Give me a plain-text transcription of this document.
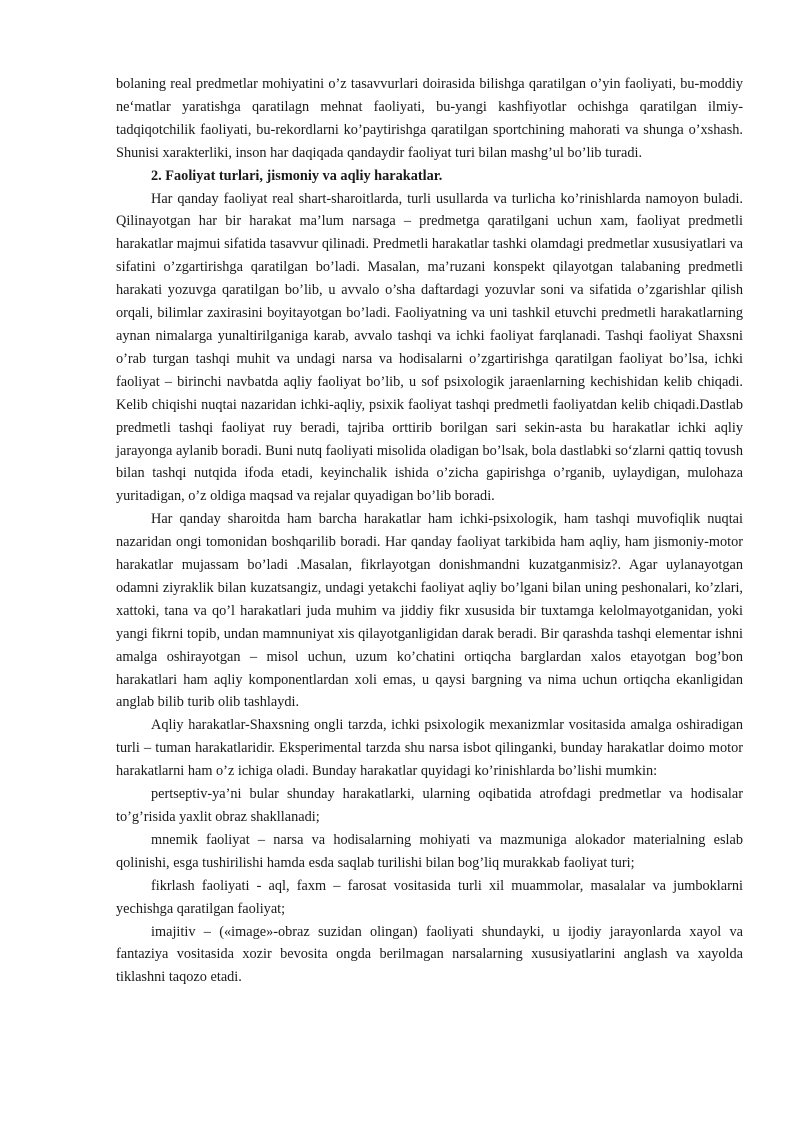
bolaning real predmetlar mohiyatini o’z tasavvurlari doirasida bilishga qaratilgan o’yin faoliyati, bu-moddiy ne‘matlar yaratishga qaratilagn mehnat faoliyati, bu-yangi kashfiyotlar ochishga qaratilgan ilmiy-tadqiqotchilik faoliyati, bu-rekordlarni ko’paytirishga qaratilgan sportchining mahorati va shunga o’xshash. Shunisi xarakterliki, inson har daqiqada qandaydir faoliyat turi bilan mashg’ul bo’lib turadi.

2. Faoliyat turlari, jismoniy va aqliy harakatlar.

Har qanday faoliyat real shart-sharoitlarda, turli usullarda va turlicha ko’rinishlarda namoyon buladi. Qilinayotgan har bir harakat ma’lum narsaga – predmetga qaratilgani uchun xam, faoliyat predmetli harakatlar majmui sifatida tasavvur qilinadi. Predmetli harakatlar tashki olamdagi predmetlar xususiyatlari va sifatini o’zgartirishga qaratilgan bo’ladi. Masalan, ma’ruzani konspekt qilayotgan talabaning predmetli harakati yozuvga qaratilgan bo’lib, u avvalo o’sha daftardagi yozuvlar soni va sifatida o’zgarishlar qilish orqali, bilimlar zaxirasini boyitayotgan bo’ladi. Faoliyatning va uni tashkil etuvchi predmetli harakatlarning aynan nimalarga yunaltirilganiga karab, avvalo tashqi va ichki faoliyat farqlanadi. Tashqi faoliyat Shaxsni o’rab turgan tashqi muhit va undagi narsa va hodisalarni o’zgartirishga qaratilgan faoliyat bo’lsa, ichki faoliyat – birinchi navbatda aqliy faoliyat bo’lib, u sof psixologik jaraenlarning kechishidan kelib chiqadi. Kelib chiqishi nuqtai nazaridan ichki-aqliy, psixik faoliyat tashqi predmetli faoliyatdan kelib chiqadi.Dastlab predmetli tashqi faoliyat ruy beradi, tajriba orttirib borilgan sari sekin-asta bu harakatlar ichki aqliy jarayonga aylanib boradi. Buni nutq faoliyati misolida oladigan bo’lsak, bola dastlabki so‘zlarni qattiq tovush bilan tashqi nutqida ifoda etadi, keyinchalik ishida o’zicha gapirishga o’rganib, uylaydigan, mulohaza yuritadigan, o’z oldiga maqsad va rejalar quyadigan bo’lib boradi.

Har qanday sharoitda ham barcha harakatlar ham ichki-psixologik, ham tashqi muvofiqlik nuqtai nazaridan ongi tomonidan boshqarilib boradi. Har qanday faoliyat tarkibida ham aqliy, ham jismoniy-motor harakatlar mujassam bo’ladi .Masalan, fikrlayotgan donishmandni kuzatganmisiz?. Agar uylanayotgan odamni ziyraklik bilan kuzatsangiz, undagi yetakchi faoliyat aqliy bo’lgani bilan uning peshonalari, ko’zlari, xattoki, tana va qo’l harakatlari juda muhim va jiddiy fikr xususida bir tuxtamga kelolmayotganidan, yoki yangi fikrni topib, undan mamnuniyat xis qilayotganligidan darak beradi. Bir qarashda tashqi elementar ishni amalga oshirayotgan – misol uchun, uzum ko’chatini ortiqcha barglardan xalos etayotgan bog’bon harakatlari ham aqliy komponentlardan xoli emas, u qaysi bargning va nima uchun ortiqcha ekanligidan anglab bilib turib olib tashlaydi.

Aqliy harakatlar-Shaxsning ongli tarzda, ichki psixologik mexanizmlar vositasida amalga oshiradigan turli – tuman harakatlaridir. Eksperimental tarzda shu narsa isbot qilinganki, bunday harakatlar doimo motor harakatlarni ham o’z ichiga oladi. Bunday harakatlar quyidagi ko’rinishlarda bo’lishi mumkin:

pertseptiv-ya’ni bular shunday harakatlarki, ularning oqibatida atrofdagi predmetlar va hodisalar to’g’risida yaxlit obraz shakllanadi;

mnemik faoliyat – narsa va hodisalarning mohiyati va mazmuniga alokador materialning eslab qolinishi, esga tushirilishi hamda esda saqlab turilishi bilan bog’liq murakkab faoliyat turi;

fikrlash faoliyati - aql, faxm – farosat vositasida turli xil muammolar, masalalar va jumboklarni yechishga qaratilgan faoliyat;

imajitiv – («image»-obraz suzidan olingan) faoliyati shundayki, u ijodiy jarayonlarda xayol va fantaziya vositasida xozir bevosita ongda berilmagan narsalarning xususiyatlarini anglash va xayolda tiklashni taqozo etadi.
